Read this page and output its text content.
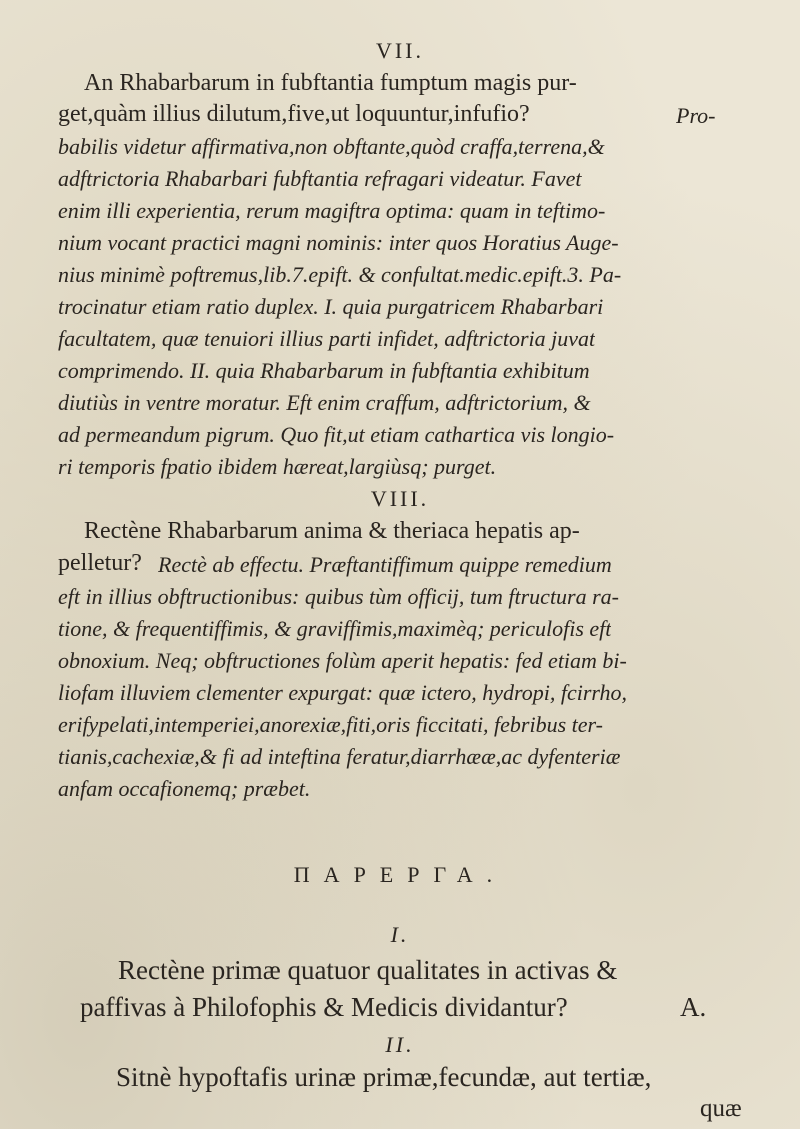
VII.
An Rhabarbarum in fubftantia fumptum magis pur-
get,quàm illius dilutum,five,ut loquuntur,infufio?	Pro-
babilis videtur affirmativa,non obftante,quòd craffa,terrena,&
adftrictoria Rhabarbari fubftantia refragari videatur. Favet
enim illi experientia, rerum magiftra optima: quam in teftimo-
nium vocant practici magni nominis: inter quos Horatius Auge-
nius minimè poftremus,lib.7.epift. & confultat.medic.epift.3. Pa-
trocinatur etiam ratio duplex. I. quia purgatricem Rhabarbari
facultatem, quæ tenuiori illius parti infidet, adftrictoria juvat
comprimendo. II. quia Rhabarbarum in fubftantia exhibitum
diutiùs in ventre moratur. Eft enim craffum, adftrictorium, &
ad permeandum pigrum. Quo fit,ut etiam cathartica vis longio-
ri temporis fpatio ibidem hæreat,largiùsq; purget.
VIII.
Rectène Rhabarbarum anima & theriaca hepatis ap-
pelletur? Rectè ab effectu. Præftantiffimum quippe remedium
eft in illius obftructionibus: quibus tùm officij, tum ftructura ra-
tione, & frequentiffimis, & graviffimis,maximèq; periculofis eft
obnoxium. Neq; obftructiones folùm aperit hepatis: fed etiam bi-
liofam illuviem clementer expurgat: quæ ictero, hydropi, fcirrho,
erifypelati,intemperiei,anorexiæ,fiti,oris ficcitati, febribus ter-
tianis,cachexiæ,& fi ad inteftina feratur,diarrhææ,ac dyfenteriæ
anfam occafionemq; præbet.
ΠΑΡΕΡΓΑ.
I.
Rectène primæ quatuor qualitates in activas &
paffivas à Philofophis & Medicis dividantur?	A.
II.
Sitnè hypoftafis urinæ primæ,fecundæ, aut tertiæ,
quæ
